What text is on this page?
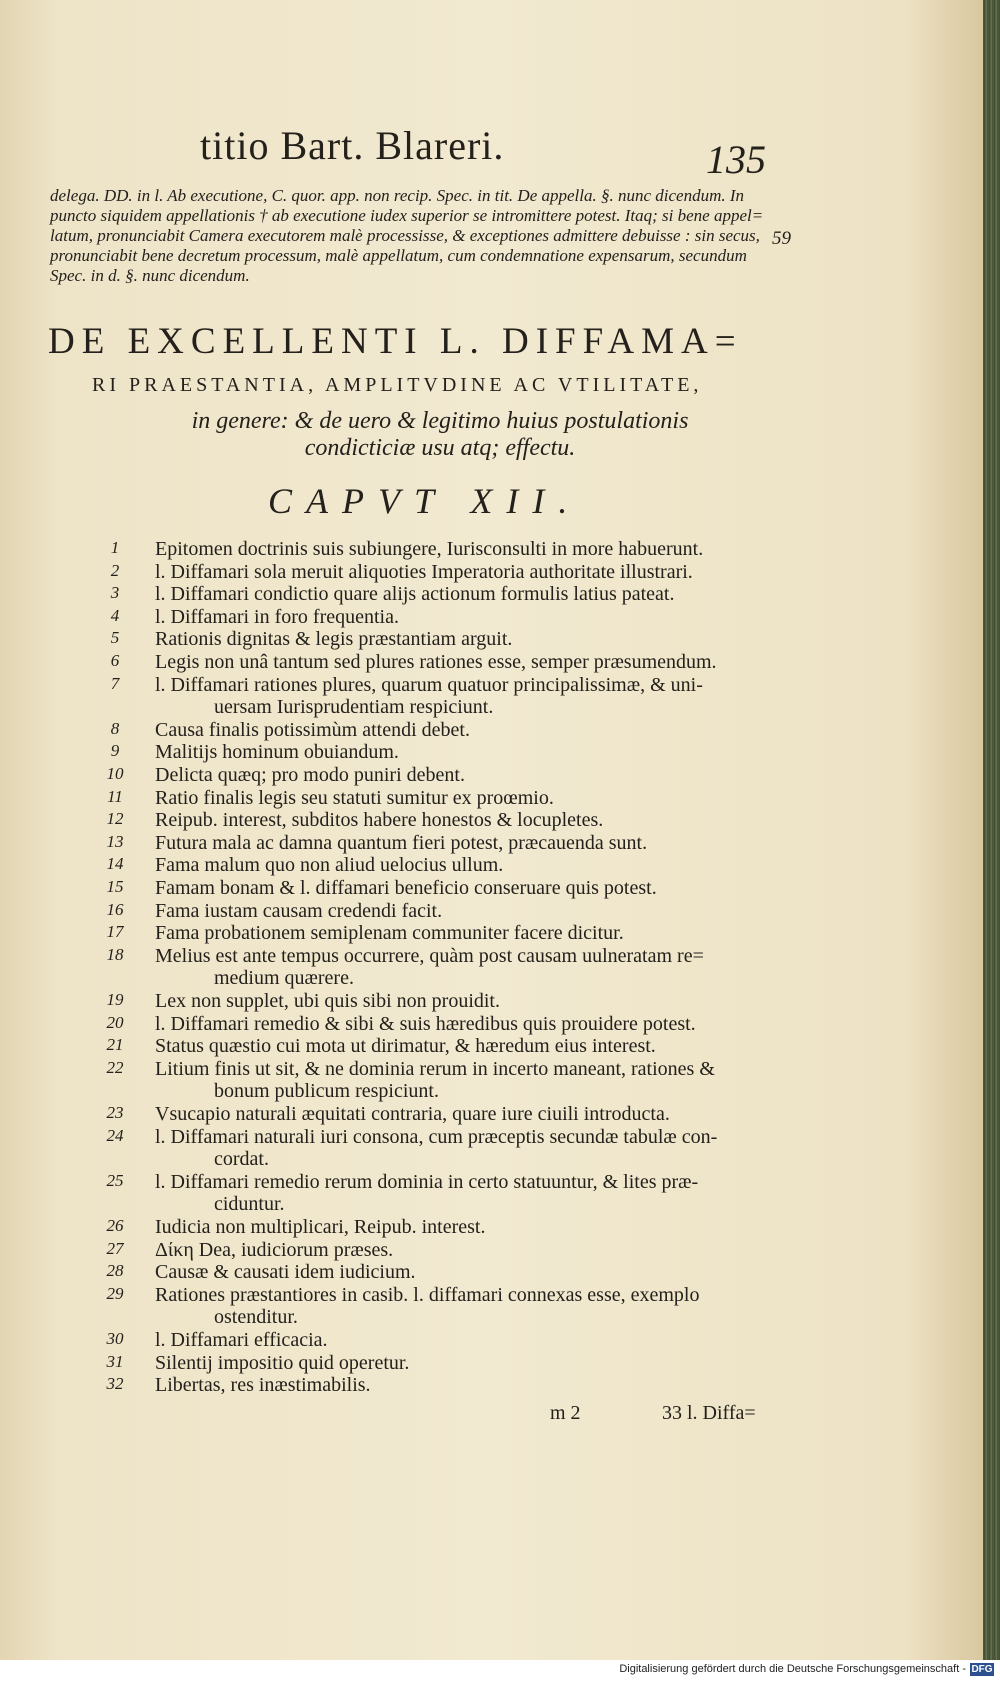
titio Bart. Blareri.	135
delega. DD. in l. Ab executione, C. quor. app. non recip. Spec. in tit. De appella. §. nunc dicendum. In
puncto siquidem appellationis † ab executione iudex superior se intromittere potest. Itaq; si bene appel=
latum, pronunciabit Camera executorem malè processisse, & exceptiones admittere debuisse : sin secus,
pronunciabit bene decretum processum, malè appellatum, cum condemnatione expensarum, secundum
Spec. in d. §. nunc dicendum.
59
DE EXCELLENTI L. DIFFAMA=
RI PRAESTANTIA, AMPLITVDINE AC VTILITATE,
in genere: & de uero & legitimo huius postulationis
condicticiæ usu atq; effectu.
CAPVT XII.
1	Epitomen doctrinis suis subiungere, Iurisconsulti in more habuerunt.
2	l. Diffamari sola meruit aliquoties Imperatoria authoritate illustrari.
3	l. Diffamari condictio quare alijs actionum formulis latius pateat.
4	l. Diffamari in foro frequentia.
5	Rationis dignitas & legis præstantiam arguit.
6	Legis non unâ tantum sed plures rationes esse, semper præsumendum.
7	l. Diffamari rationes plures, quarum quatuor principalissimæ, & uni-
uersam Iurisprudentiam respiciunt.
8	Causa finalis potissimùm attendi debet.
9	Malitijs hominum obuiandum.
10	Delicta quæq; pro modo puniri debent.
11	Ratio finalis legis seu statuti sumitur ex proœmio.
12	Reipub. interest, subditos habere honestos & locupletes.
13	Futura mala ac damna quantum fieri potest, præcauenda sunt.
14	Fama malum quo non aliud uelocius ullum.
15	Famam bonam & l. diffamari beneficio conseruare quis potest.
16	Fama iustam causam credendi facit.
17	Fama probationem semiplenam communiter facere dicitur.
18	Melius est ante tempus occurrere, quàm post causam uulneratam re=
medium quærere.
19	Lex non supplet, ubi quis sibi non prouidit.
20	l. Diffamari remedio & sibi & suis hæredibus quis prouidere potest.
21	Status quæstio cui mota ut dirimatur, & hæredum eius interest.
22	Litium finis ut sit, & ne dominia rerum in incerto maneant, rationes &
bonum publicum respiciunt.
23	Vsucapio naturali æquitati contraria, quare iure ciuili introducta.
24	l. Diffamari naturali iuri consona, cum præceptis secundæ tabulæ con-
cordat.
25	l. Diffamari remedio rerum dominia in certo statuuntur, & lites præ-
ciduntur.
26	Iudicia non multiplicari, Reipub. interest.
27	Δίκη Dea, iudiciorum præses.
28	Causæ & causati idem iudicium.
29	Rationes præstantiores in casib. l. diffamari connexas esse, exemplo
ostenditur.
30	l. Diffamari efficacia.
31	Silentij impositio quid operetur.
32	Libertas, res inæstimabilis.
m 2	33 l. Diffa=
Digitalisierung gefördert durch die Deutsche Forschungsgemeinschaft - DFG
